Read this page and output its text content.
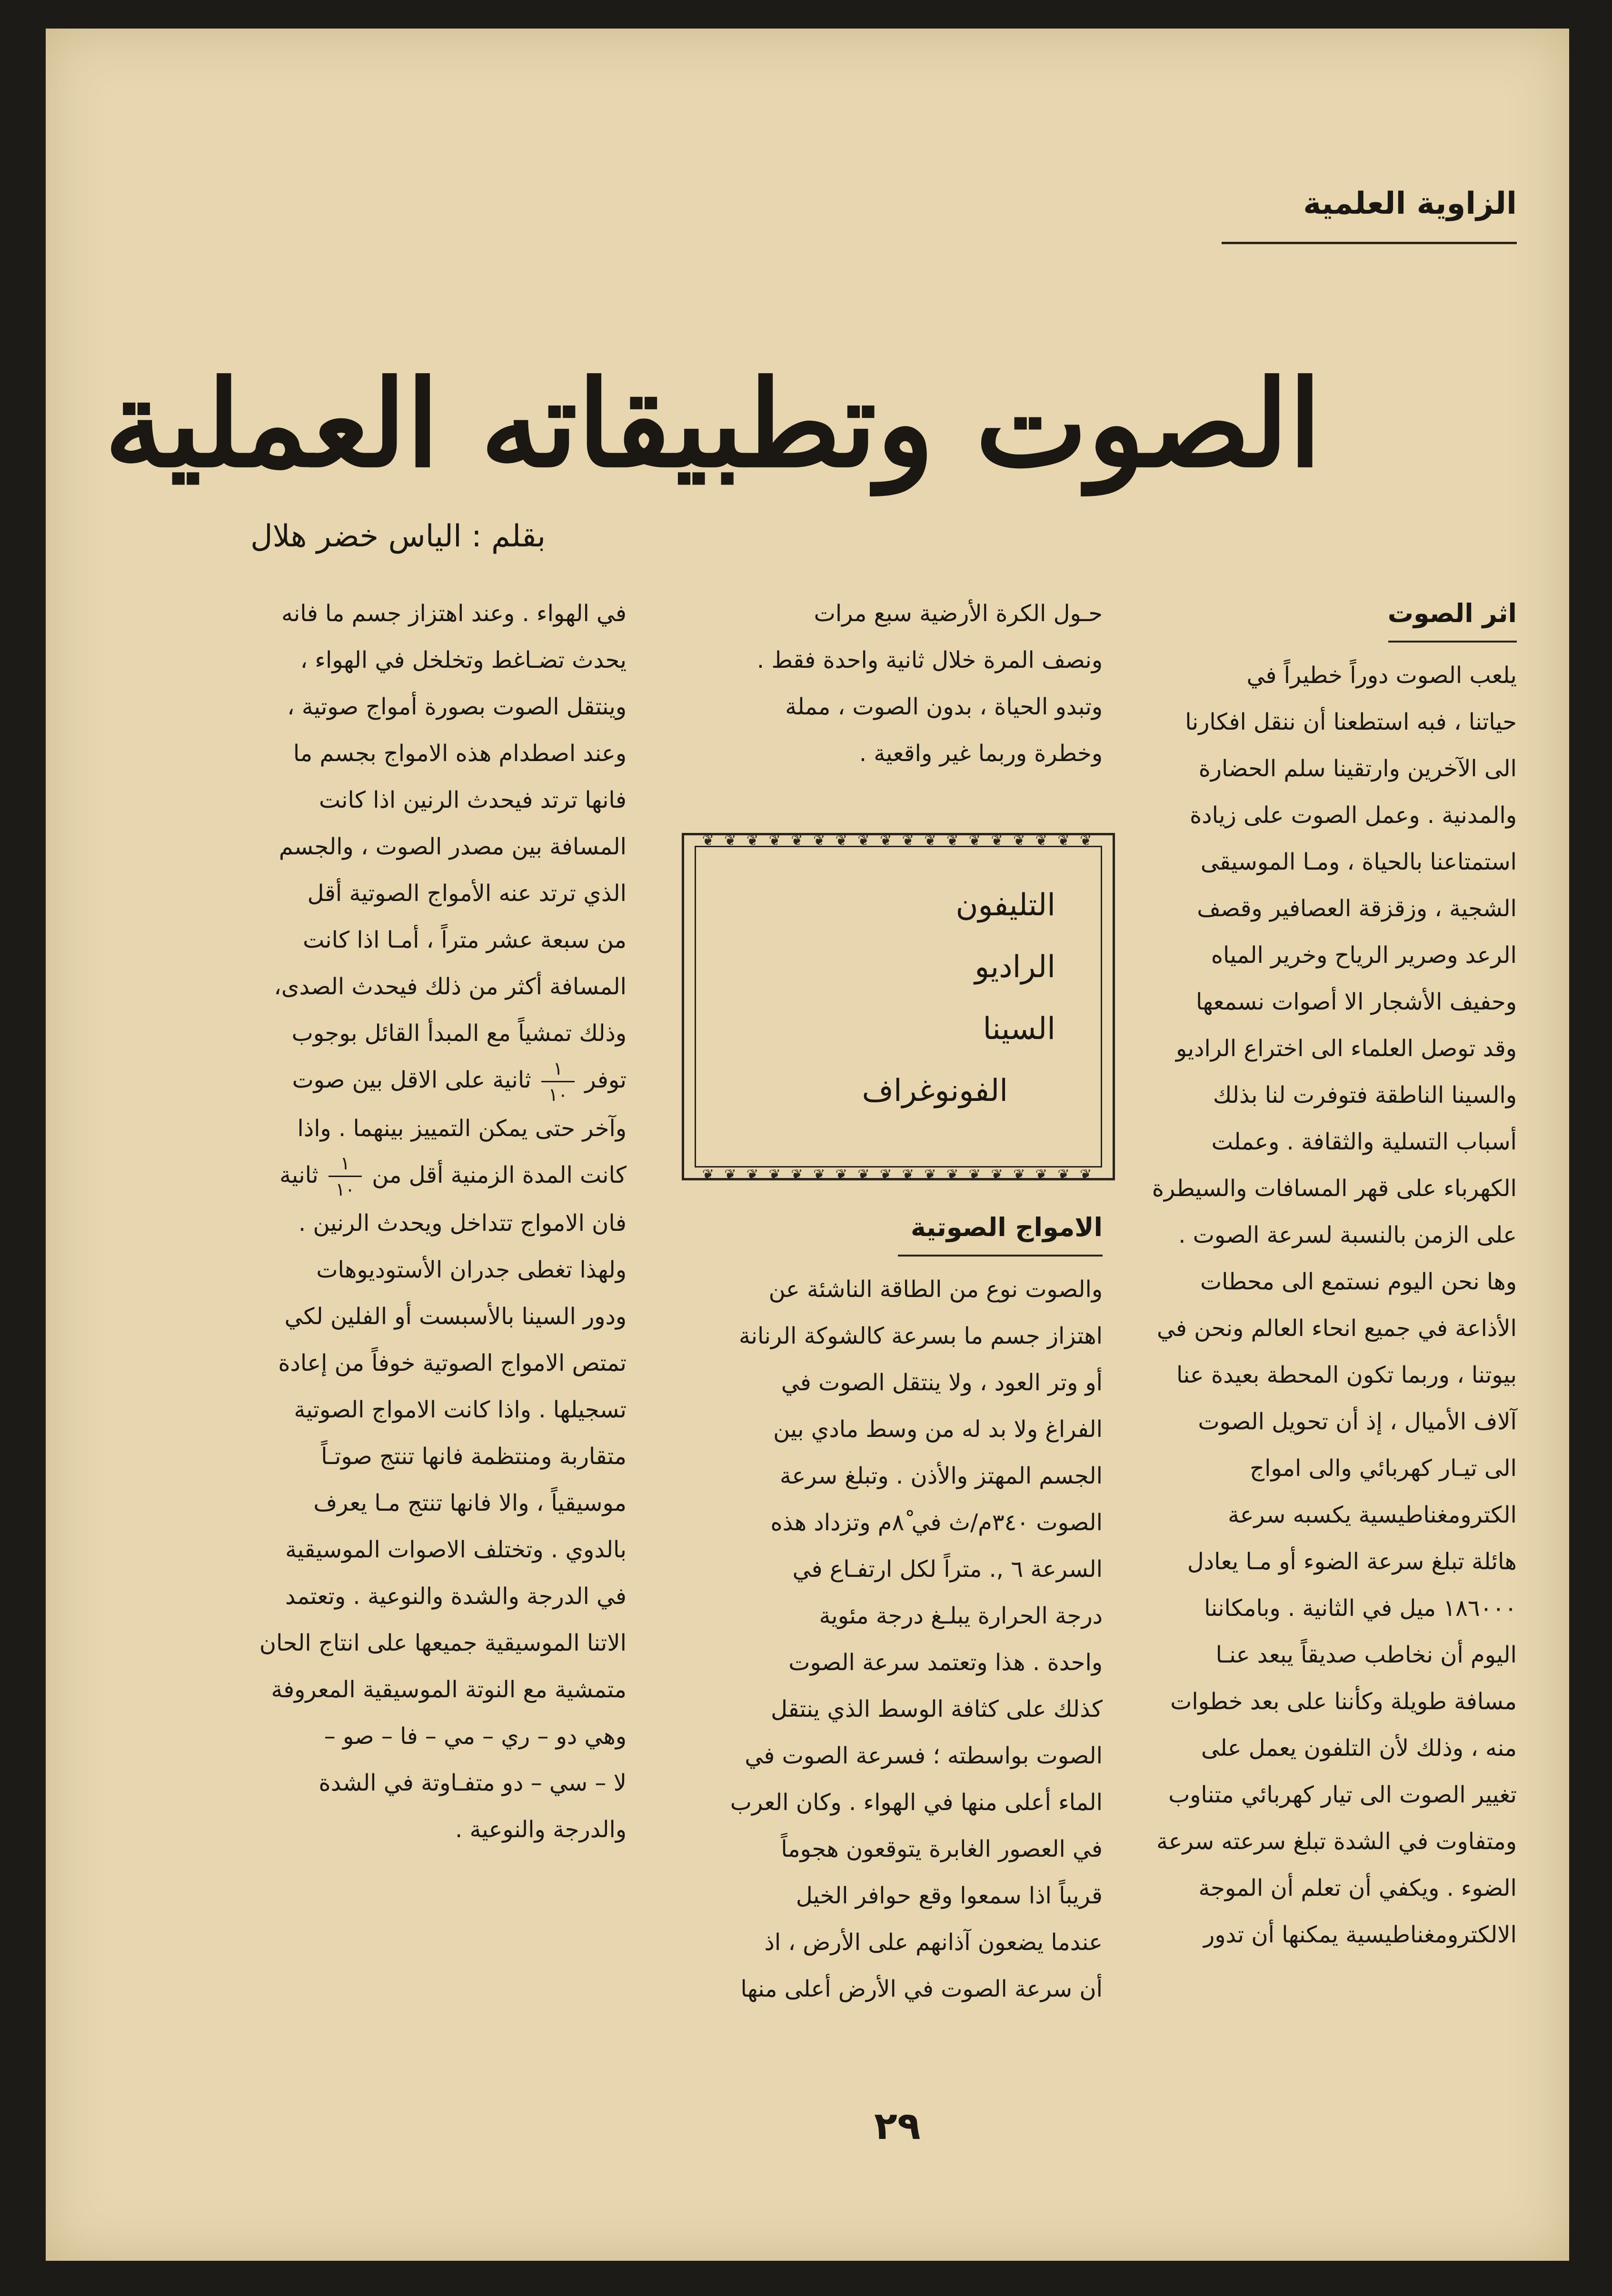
الزاوية العلمية
الصوت وتطبيقاته العملية
بقلم : الياس خضر هلال
اثر الصوت

يلعب الصوت دوراً خطيراً في

حياتنا ، فبه استطعنا أن ننقل افكارنا

الى الآخرين وارتقينا سلم الحضارة

والمدنية . وعمل الصوت على زيادة

استمتاعنا بالحياة ، ومـا الموسيقى

الشجية ، وزقزقة العصافير وقصف

الرعد وصرير الرياح وخرير المياه

وحفيف الأشجار الا أصوات نسمعها

وقد توصل العلماء الى اختراع الراديو

والسينا الناطقة فتوفرت لنا بذلك

أسباب التسلية والثقافة . وعملت

الكهرباء على قهر المسافات والسيطرة

على الزمن بالنسبة لسرعة الصوت .

وها نحن اليوم نستمع الى محطات

الأذاعة في جميع انحاء العالم ونحن في

بيوتنا ، وربما تكون المحطة بعيدة عنا

آلاف الأميال ، إذ أن تحويل الصوت

الى تيـار كهربائي والى امواج

الكتروﻣﻐﻨﺎطيسية يكسبه سرعة

هائلة تبلغ سرعة الضوء أو مـا يعادل

١٨٦٠٠٠ ميل في الثانية . وبامكاننا

اليوم أن نخاطب صديقاً يبعد عنـا

مسافة طويلة وكأننا على بعد خطوات

منه ، وذلك لأن التلفون يعمل على

تغيير الصوت الى تيار كهربائي متناوب

ومتفاوت في الشدة تبلغ سرعته سرعة

الضوء . ويكفي أن تعلم أن الموجة

الالكتروﻣﻐﻨﺎطيسية يمكنها أن تدور

حـول الكرة الأرضية سبع مرات

ونصف المرة خلال ثانية واحدة فقط .

وتبدو الحياة ، بدون الصوت ، مملة

وخطرة وربما غير واقعية .

❦ ❦ ❦ ❦ ❦ ❦ ❦ ❦ ❦ ❦ ❦ ❦ ❦ ❦ ❦ ❦ ❦ ❦
❦ ❦ ❦ ❦ ❦ ❦ ❦ ❦ ❦ ❦ ❦ ❦ ❦ ❦ ❦ ❦ ❦ ❦
التليفون
الراديو
السينا
الفونوغراف
الامواج الصوتية

والصوت نوع من الطاقة الناشئة عن

اهتزاز جسم ما بسرعة كالشوكة الرنانة

أو وتر العود ، ولا ينتقل الصوت في

الفراغ ولا بد له من وسط مادي بين

الجسم المهتز والأذن . وتبلغ سرعة

الصوت ٣٤٠م/ث في ٨ْم وتزداد هذه

السرعة ٦ ,. متراً لكل ارتفـاع في

درجة الحرارة يبلـغ درجة مئوية

واحدة . هذا وتعتمد سرعة الصوت

كذلك على كثافة الوسط الذي ينتقل

الصوت بواسطته ؛ فسرعة الصوت في

الماء أعلى منها في الهواء . وكان العرب

في العصور الغابرة يتوقعون هجوماً

قريباً اذا سمعوا وقع حوافر الخيل

عندما يضعون آذانهم على الأرض ، اذ

أن سرعة الصوت في الأرض أعلى منها

في الهواء . وعند اهتزاز جسم ما فانه

يحدث تضـاغط وتخلخل في الهواء ،

وينتقل الصوت بصورة أمواج صوتية ،

وعند اصطدام هذه الامواج بجسم ما

فانها ترتد فيحدث الرنين اذا كانت

المسافة بين مصدر الصوت ، والجسم

الذي ترتد عنه الأمواج الصوتية أقل

من سبعة عشر متراً ، أمـا اذا كانت

المسافة أكثر من ذلك فيحدث الصدى،

وذلك تمشياً مع المبدأ القائل بوجوب

توفر
$\frac{١}{١٠}$
ثانية على الاقل بين صوت

وآخر حتى يمكن التمييز بينهما . واذا

كانت المدة الزمنية أقل من
$\frac{١}{١٠}$
ثانية

فان الامواج تتداخل ويحدث الرنين .

ولهذا تغطى جدران الأستوديوهات

ودور السينا بالأسبست أو الفلين لكي

تمتص الامواج الصوتية خوفاً من إعادة

تسجيلها . واذا كانت الامواج الصوتية

متقاربة ومنتظمة فانها تنتج صوتـاً

موسيقياً ، والا فانها تنتج مـا يعرف

بالدوي . وتختلف الاصوات الموسيقية

في الدرجة والشدة والنوعية . وتعتمد

الاتنا الموسيقية جميعها على انتاج الحان

متمشية مع النوتة الموسيقية المعروفة

وهي دو – ري – مي – فا – صو –

لا – سي – دو متفـاوتة في الشدة

والدرجة والنوعية .

٢٩
